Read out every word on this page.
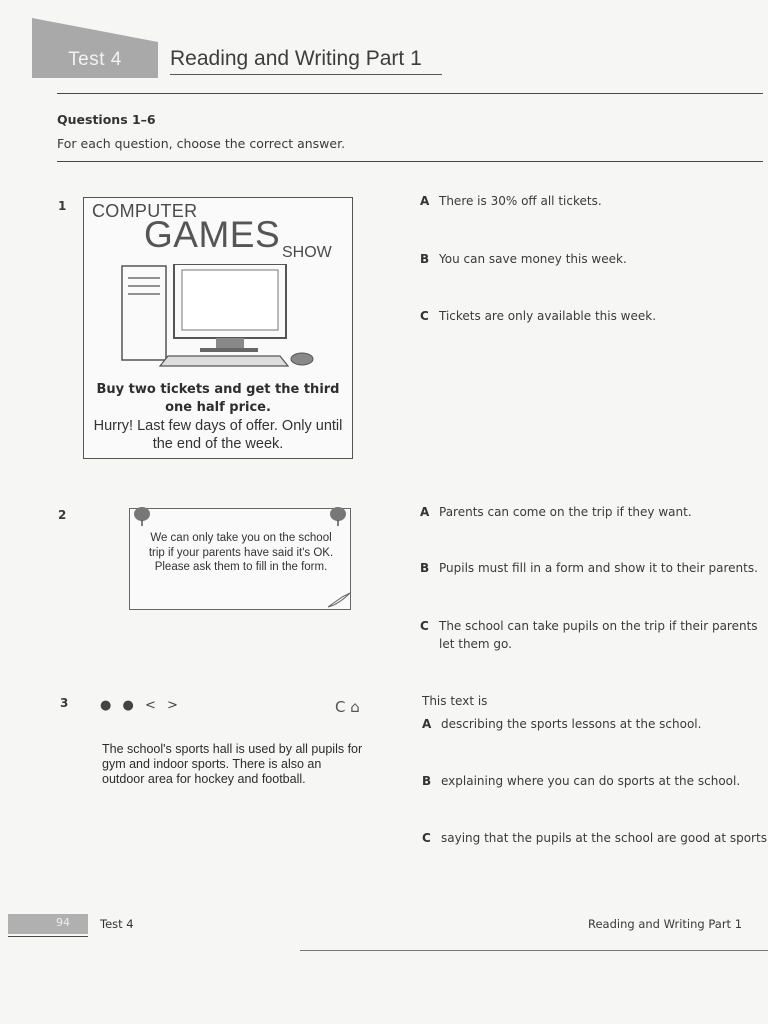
Test 4	Reading and Writing Part 1
Questions 1–6
For each question, choose the correct answer.
1 COMPUTER
GAMES SHOW
Buy two tickets and get the third one half price.
Hurry! Last few days of offer. Only until the end of the week.
A There is 30% off all tickets.
B You can save money this week.
C Tickets are only available this week.
2
We can only take you on the school trip if your parents have said it's OK. Please ask them to fill in the form.
A Parents can come on the trip if they want.
B Pupils must fill in a form and show it to their parents.
C The school can take pupils on the trip if their parents
let them go.
3 ● ● < >	C ⌂
The school's sports hall is used by all pupils for gym and indoor sports. There is also an outdoor area for hockey and football.
This text is
A describing the sports lessons at the school.
B explaining where you can do sports at the school.
C saying that the pupils at the school are good at sports
94	Test 4	Reading and Writing Part 1
